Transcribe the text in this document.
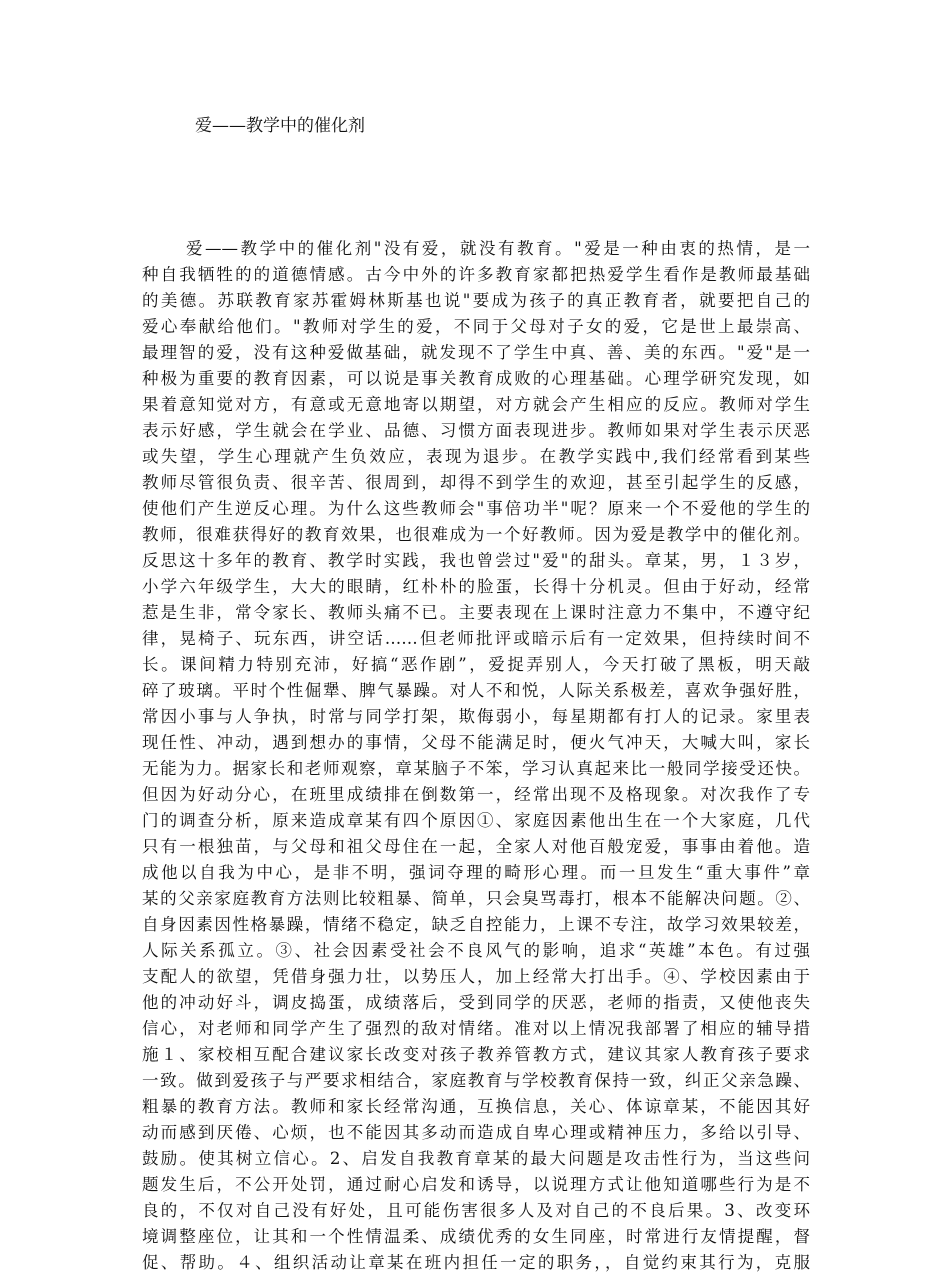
爱——教学中的催化剂
爱——教学中的催化剂"没有爱，就没有教育。"爱是一种由衷的热情，是一
种自我牺牲的的道德情感。古今中外的许多教育家都把热爱学生看作是教师最基础
的美德。苏联教育家苏霍姆林斯基也说"要成为孩子的真正教育者，就要把自己的
爱心奉献给他们。"教师对学生的爱，不同于父母对子女的爱，它是世上最崇高、
最理智的爱，没有这种爱做基础，就发现不了学生中真、善、美的东西。"爱"是一
种极为重要的教育因素，可以说是事关教育成败的心理基础。心理学研究发现，如
果着意知觉对方，有意或无意地寄以期望，对方就会产生相应的反应。教师对学生
表示好感，学生就会在学业、品德、习惯方面表现进步。教师如果对学生表示厌恶
或失望，学生心理就产生负效应，表现为退步。在教学实践中,我们经常看到某些
教师尽管很负责、很辛苦、很周到，却得不到学生的欢迎，甚至引起学生的反感，
使他们产生逆反心理。为什么这些教师会"事倍功半"呢？原来一个不爱他的学生的
教师，很难获得好的教育效果，也很难成为一个好教师。因为爱是教学中的催化剂。
反思这十多年的教育、教学时实践，我也曾尝过"爱"的甜头。章某，男，１３岁，
小学六年级学生，大大的眼睛，红朴朴的脸蛋，长得十分机灵。但由于好动，经常
惹是生非，常令家长、教师头痛不已。主要表现在上课时注意力不集中，不遵守纪
律，晃椅子、玩东西，讲空话……但老师批评或暗示后有一定效果，但持续时间不
长。课间精力特别充沛，好搞“恶作剧”，爱捉弄别人，今天打破了黑板，明天敲
碎了玻璃。平时个性倔犟、脾气暴躁。对人不和悦，人际关系极差，喜欢争强好胜，
常因小事与人争执，时常与同学打架，欺侮弱小，每星期都有打人的记录。家里表
现任性、冲动，遇到想办的事情，父母不能满足时，便火气冲天，大喊大叫，家长
无能为力。据家长和老师观察，章某脑子不笨，学习认真起来比一般同学接受还快。
但因为好动分心，在班里成绩排在倒数第一，经常出现不及格现象。对次我作了专
门的调查分析，原来造成章某有四个原因①、家庭因素他出生在一个大家庭，几代
只有一根独苗，与父母和祖父母住在一起，全家人对他百般宠爱，事事由着他。造
成他以自我为中心，是非不明，强词夺理的畸形心理。而一旦发生“重大事件”章
某的父亲家庭教育方法则比较粗暴、简单，只会臭骂毒打，根本不能解决问题。②、
自身因素因性格暴躁，情绪不稳定，缺乏自控能力，上课不专注，故学习效果较差，
人际关系孤立。③、社会因素受社会不良风气的影响，追求“英雄”本色。有过强
支配人的欲望，凭借身强力壮，以势压人，加上经常大打出手。④、学校因素由于
他的冲动好斗，调皮捣蛋，成绩落后，受到同学的厌恶，老师的指责，又使他丧失
信心，对老师和同学产生了强烈的敌对情绪。准对以上情况我部署了相应的辅导措
施１、家校相互配合建议家长改变对孩子教养管教方式，建议其家人教育孩子要求
一致。做到爱孩子与严要求相结合，家庭教育与学校教育保持一致，纠正父亲急躁、
粗暴的教育方法。教师和家长经常沟通，互换信息，关心、体谅章某，不能因其好
动而感到厌倦、心烦，也不能因其多动而造成自卑心理或精神压力，多给以引导、
鼓励。使其树立信心。2、启发自我教育章某的最大问题是攻击性行为，当这些问
题发生后，不公开处罚，通过耐心启发和诱导，以说理方式让他知道哪些行为是不
良的，不仅对自己没有好处，且可能伤害很多人及对自己的不良后果。3、改变环
境调整座位，让其和一个性情温柔、成绩优秀的女生同座，时常进行友情提醒，督
促、帮助。４、组织活动让章某在班内担任一定的职务，，自觉约束其行为，克服
